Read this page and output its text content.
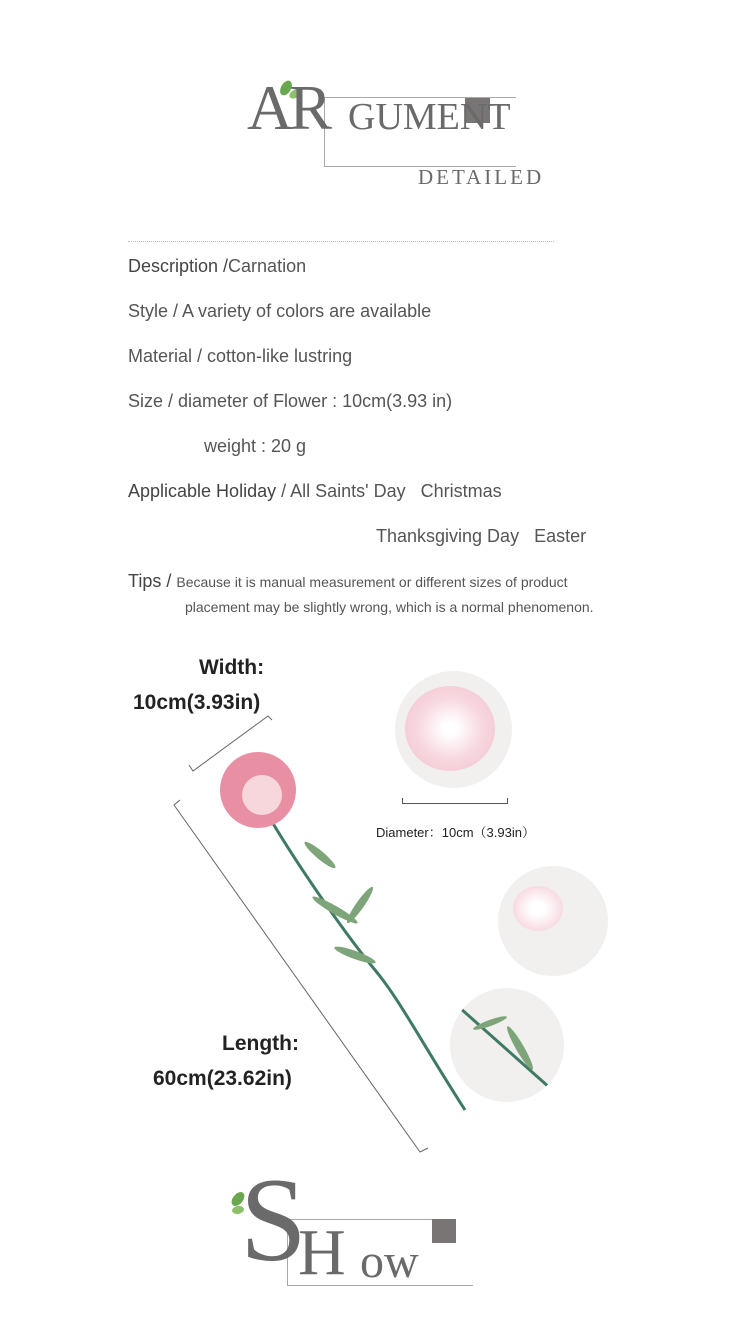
AR GUMENT
DETAILED
Description /Carnation
Style / A variety of colors are available
Material / cotton-like lustring
Size / diameter of Flower : 10cm(3.93 in)
weight : 20 g
Applicable Holiday / All Saints' Day   Christmas
Thanksgiving Day   Easter
Tips / Because it is manual measurement or different sizes of product
placement may be slightly wrong, which is a normal phenomenon.
Width:
10cm(3.93in)
Length:
60cm(23.62in)
Diameter：10cm（3.93in）
S
H ow
